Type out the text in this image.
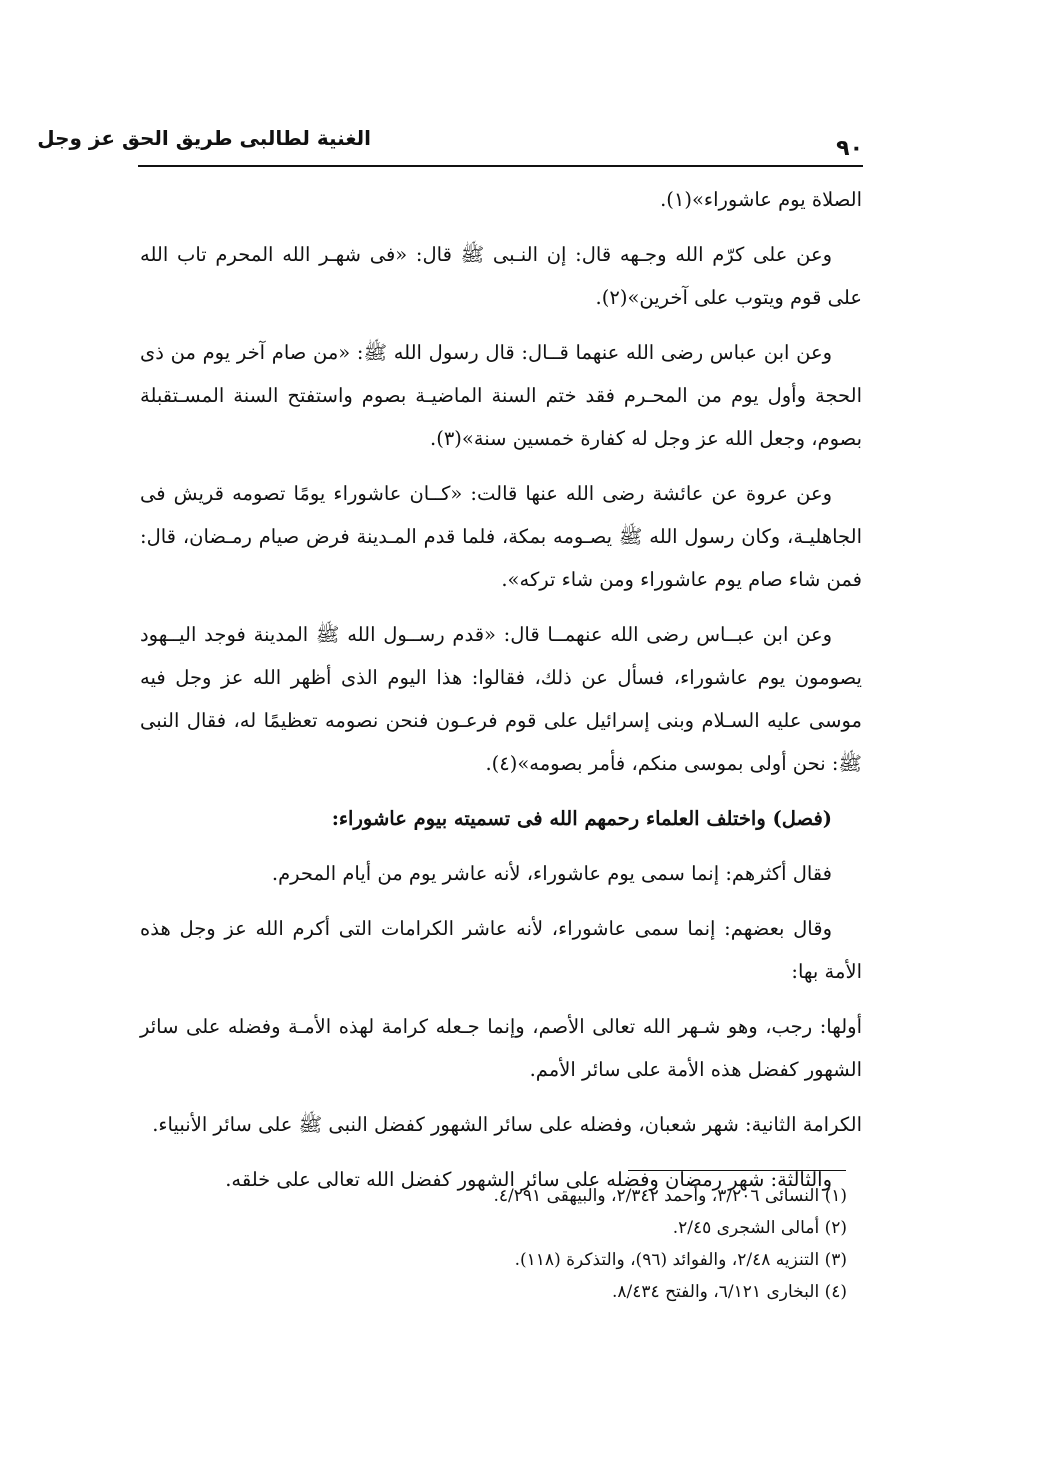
٩٠
الغنية لطالبى طريق الحق عز وجل

الصلاة يوم عاشوراء»(١).

وعن على كرّم الله وجـهه قال: إن النـبى ﷺ قال: «فى شهـر الله المحرم تاب الله على قوم ويتوب على آخرين»(٢).

وعن ابن عباس رضى الله عنهما قــال: قال رسول الله ﷺ: «من صام آخر يوم من ذى الحجة وأول يوم من المحـرم فقد ختم السنة الماضيـة بصوم واستفتح السنة المسـتقبلة بصوم، وجعل الله عز وجل له كفارة خمسين سنة»(٣).

وعن عروة عن عائشة رضى الله عنها قالت: «كــان عاشوراء يومًا تصومه قريش فى الجاهليـة، وكان رسول الله ﷺ يصـومه بمكة، فلما قدم المـدينة فرض صيام رمـضان، قال: فمن شاء صام يوم عاشوراء ومن شاء تركه».

وعن ابن عبــاس رضى الله عنهمــا قال: «قدم رســول الله ﷺ المدينة فوجد اليــهود يصومون يوم عاشوراء، فسأل عن ذلك، فقالوا: هذا اليوم الذى أظهر الله عز وجل فيه موسى عليه السـلام وبنى إسرائيل على قوم فرعـون فنحن نصومه تعظيمًا له، فقال النبى ﷺ: نحن أولى بموسى منكم، فأمر بصومه»(٤).

(فصل) واختلف العلماء رحمهم الله فى تسميته بيوم عاشوراء:

فقال أكثرهم: إنما سمى يوم عاشوراء، لأنه عاشر يوم من أيام المحرم.

وقال بعضهم: إنما سمى عاشوراء، لأنه عاشر الكرامات التى أكرم الله عز وجل هذه الأمة بها:

أولها: رجب، وهو شـهر الله تعالى الأصم، وإنما جـعله كرامة لهذه الأمـة وفضله على سائر الشهور كفضل هذه الأمة على سائر الأمم.

الكرامة الثانية: شهر شعبان، وفضله على سائر الشهور كفضل النبى ﷺ على سائر الأنبياء.

والثالثة: شهر رمضان وفضله على سائر الشهور كفضل الله تعالى على خلقه.

(١) النسائى ٣/٢٠٦، وأحمد ٢/٣٤٢، والبيهقى ٤/٢٩١.

(٢) أمالى الشجرى ٢/٤٥.

(٣) التنزيه ٢/٤٨، والفوائد (٩٦)، والتذكرة (١١٨).

(٤) البخارى ٦/١٢١، والفتح ٨/٤٣٤.
